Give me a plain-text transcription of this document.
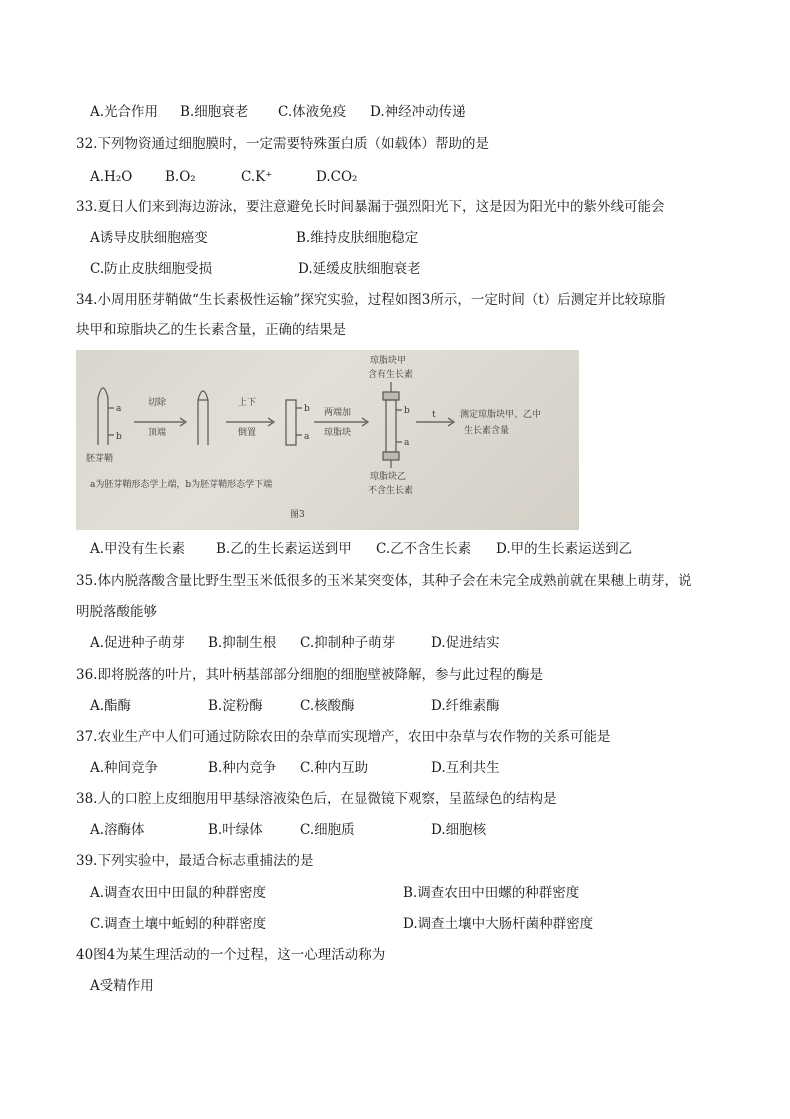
A.光合作用 B.细胞衰老 C.体液免疫 D.神经冲动传递
32.下列物资通过细胞膜时，一定需要特殊蛋白质（如载体）帮助的是
A.H₂O B.O₂	C.K⁺	D.CO₂
33.夏日人们来到海边游泳，要注意避免长时间暴漏于强烈阳光下，这是因为阳光中的紫外线可能会
A诱导皮肤细胞癌变	B.维持皮肤细胞稳定
C.防止皮肤细胞受损	D.延缓皮肤细胞衰老
34.小周用胚芽鞘做“生长素极性运输”探究实验，过程如图3所示，一定时间（t）后测定并比较琼脂
块甲和琼脂块乙的生长素含量，正确的结果是
胚芽鞘
a
b
切除
顶端
上下
倒置
b
a
两端加
琼脂块
b
a
琼脂块甲
含有生长素
琼脂块乙
不含生长素
t	测定琼脂块甲、乙中
生长素含量
a为胚芽鞘形态学上端，b为胚芽鞘形态学下端
图3
A.甲没有生长素 B.乙的生长素运送到甲 C.乙不含生长素 D.甲的生长素运送到乙
35.体内脱落酸含量比野生型玉米低很多的玉米某突变体，其种子会在未完全成熟前就在果穗上萌芽，说
明脱落酸能够
A.促进种子萌芽 B.抑制生根 C.抑制种子萌芽	D.促进结实
36.即将脱落的叶片，其叶柄基部部分细胞的细胞壁被降解，参与此过程的酶是
A.酯酶	B.淀粉酶	C.核酸酶	D.纤维素酶
37.农业生产中人们可通过防除农田的杂草而实现增产，农田中杂草与农作物的关系可能是
A.种间竞争	B.种内竞争 C.种内互助	D.互利共生
38.人的口腔上皮细胞用甲基绿溶液染色后，在显微镜下观察，呈蓝绿色的结构是
A.溶酶体	B.叶绿体	C.细胞质	D.细胞核
39.下列实验中，最适合标志重捕法的是
A.调查农田中田鼠的种群密度	B.调查农田中田螺的种群密度
C.调查土壤中蚯蚓的种群密度	D.调查土壤中大肠杆菌种群密度
40图4为某生理活动的一个过程，这一心理活动称为
A受精作用
